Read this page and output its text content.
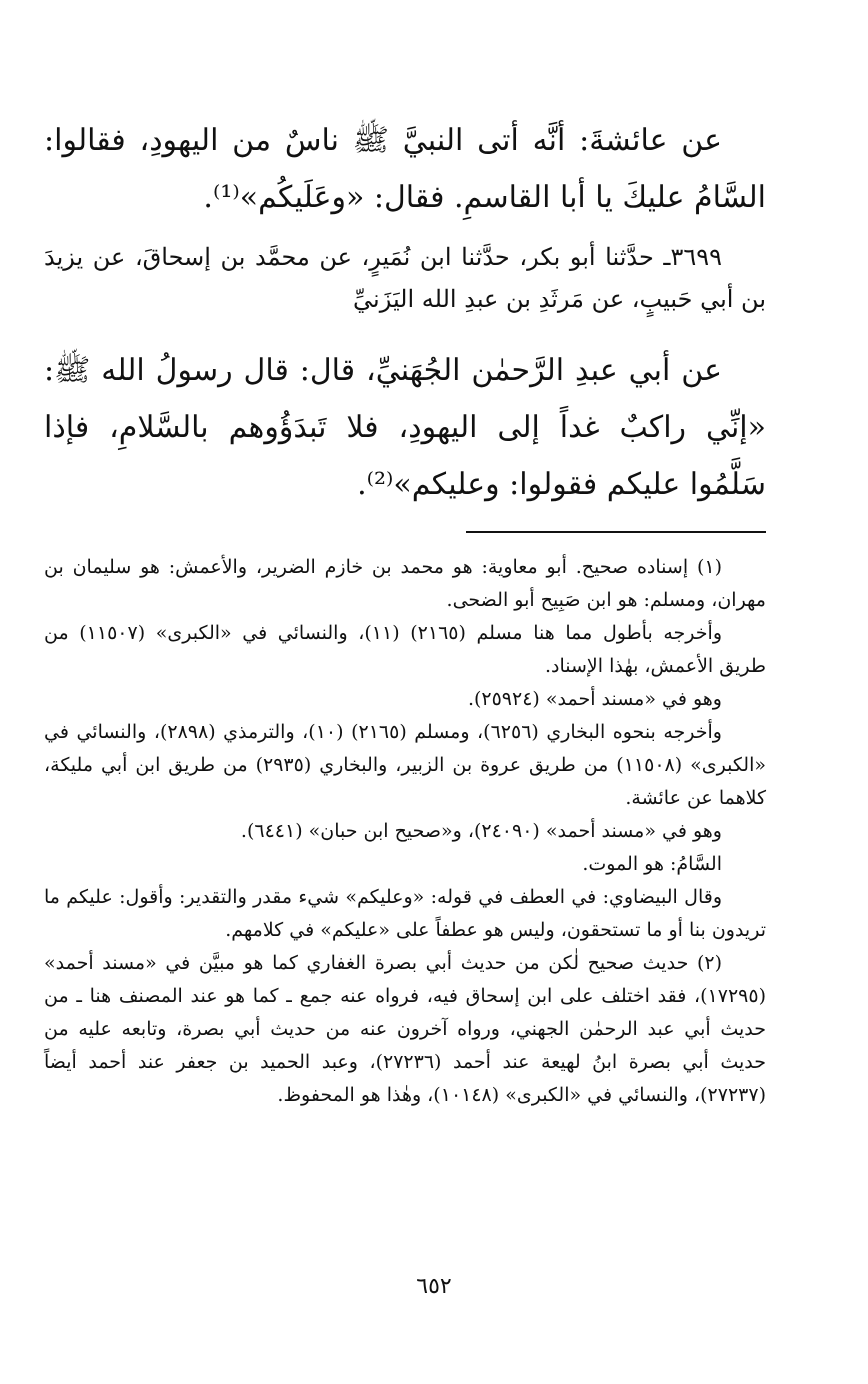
عن عائشةَ: أنَّه أتى النبيَّ ﷺ ناسٌ من اليهودِ، فقالوا: السَّامُ عليكَ يا أبا القاسمِ. فقال: «وعَلَيكُم»⁽¹⁾.

٣٦٩٩ـ حدَّثنا أبو بكر، حدَّثنا ابن نُمَيرٍ، عن محمَّد بن إسحاقَ، عن يزيدَ بن أبي حَبيبٍ، عن مَرثَدِ بن عبدِ الله اليَزَنيِّ

عن أبي عبدِ الرَّحمٰن الجُهَنيِّ، قال: قال رسولُ الله ﷺ: «إنِّي راكبٌ غداً إلى اليهودِ، فلا تَبدَؤُوهم بالسَّلامِ، فإذا سَلَّمُوا عليكم فقولوا: وعليكم»⁽²⁾.

(١) إسناده صحيح. أبو معاوية: هو محمد بن خازم الضرير، والأعمش: هو سليمان بن مهران، ومسلم: هو ابن صَبِيح أبو الضحى.

وأخرجه بأطول مما هنا مسلم (٢١٦٥) (١١)، والنسائي في «الكبرى» (١١٥٠٧) من طريق الأعمش، بهٰذا الإسناد.

وهو في «مسند أحمد» (٢٥٩٢٤).

وأخرجه بنحوه البخاري (٦٢٥٦)، ومسلم (٢١٦٥) (١٠)، والترمذي (٢٨٩٨)، والنسائي في «الكبرى» (١١٥٠٨) من طريق عروة بن الزبير، والبخاري (٢٩٣٥) من طريق ابن أبي مليكة، كلاهما عن عائشة.

وهو في «مسند أحمد» (٢٤٠٩٠)، و«صحيح ابن حبان» (٦٤٤١).

السَّامُ: هو الموت.

وقال البيضاوي: في العطف في قوله: «وعليكم» شيء مقدر والتقدير: وأقول: عليكم ما تريدون بنا أو ما تستحقون، وليس هو عطفاً على «عليكم» في كلامهم.

(٢) حديث صحيح لٰكن من حديث أبي بصرة الغفاري كما هو مبيَّن في «مسند أحمد» (١٧٢٩٥)، فقد اختلف على ابن إسحاق فيه، فرواه عنه جمع ـ كما هو عند المصنف هنا ـ من حديث أبي عبد الرحمٰن الجهني، ورواه آخرون عنه من حديث أبي بصرة، وتابعه عليه من حديث أبي بصرة ابنُ لهيعة عند أحمد (٢٧٢٣٦)، وعبد الحميد بن جعفر عند أحمد أيضاً (٢٧٢٣٧)، والنسائي في «الكبرى» (١٠١٤٨)، وهٰذا هو المحفوظ.

٦٥٢
